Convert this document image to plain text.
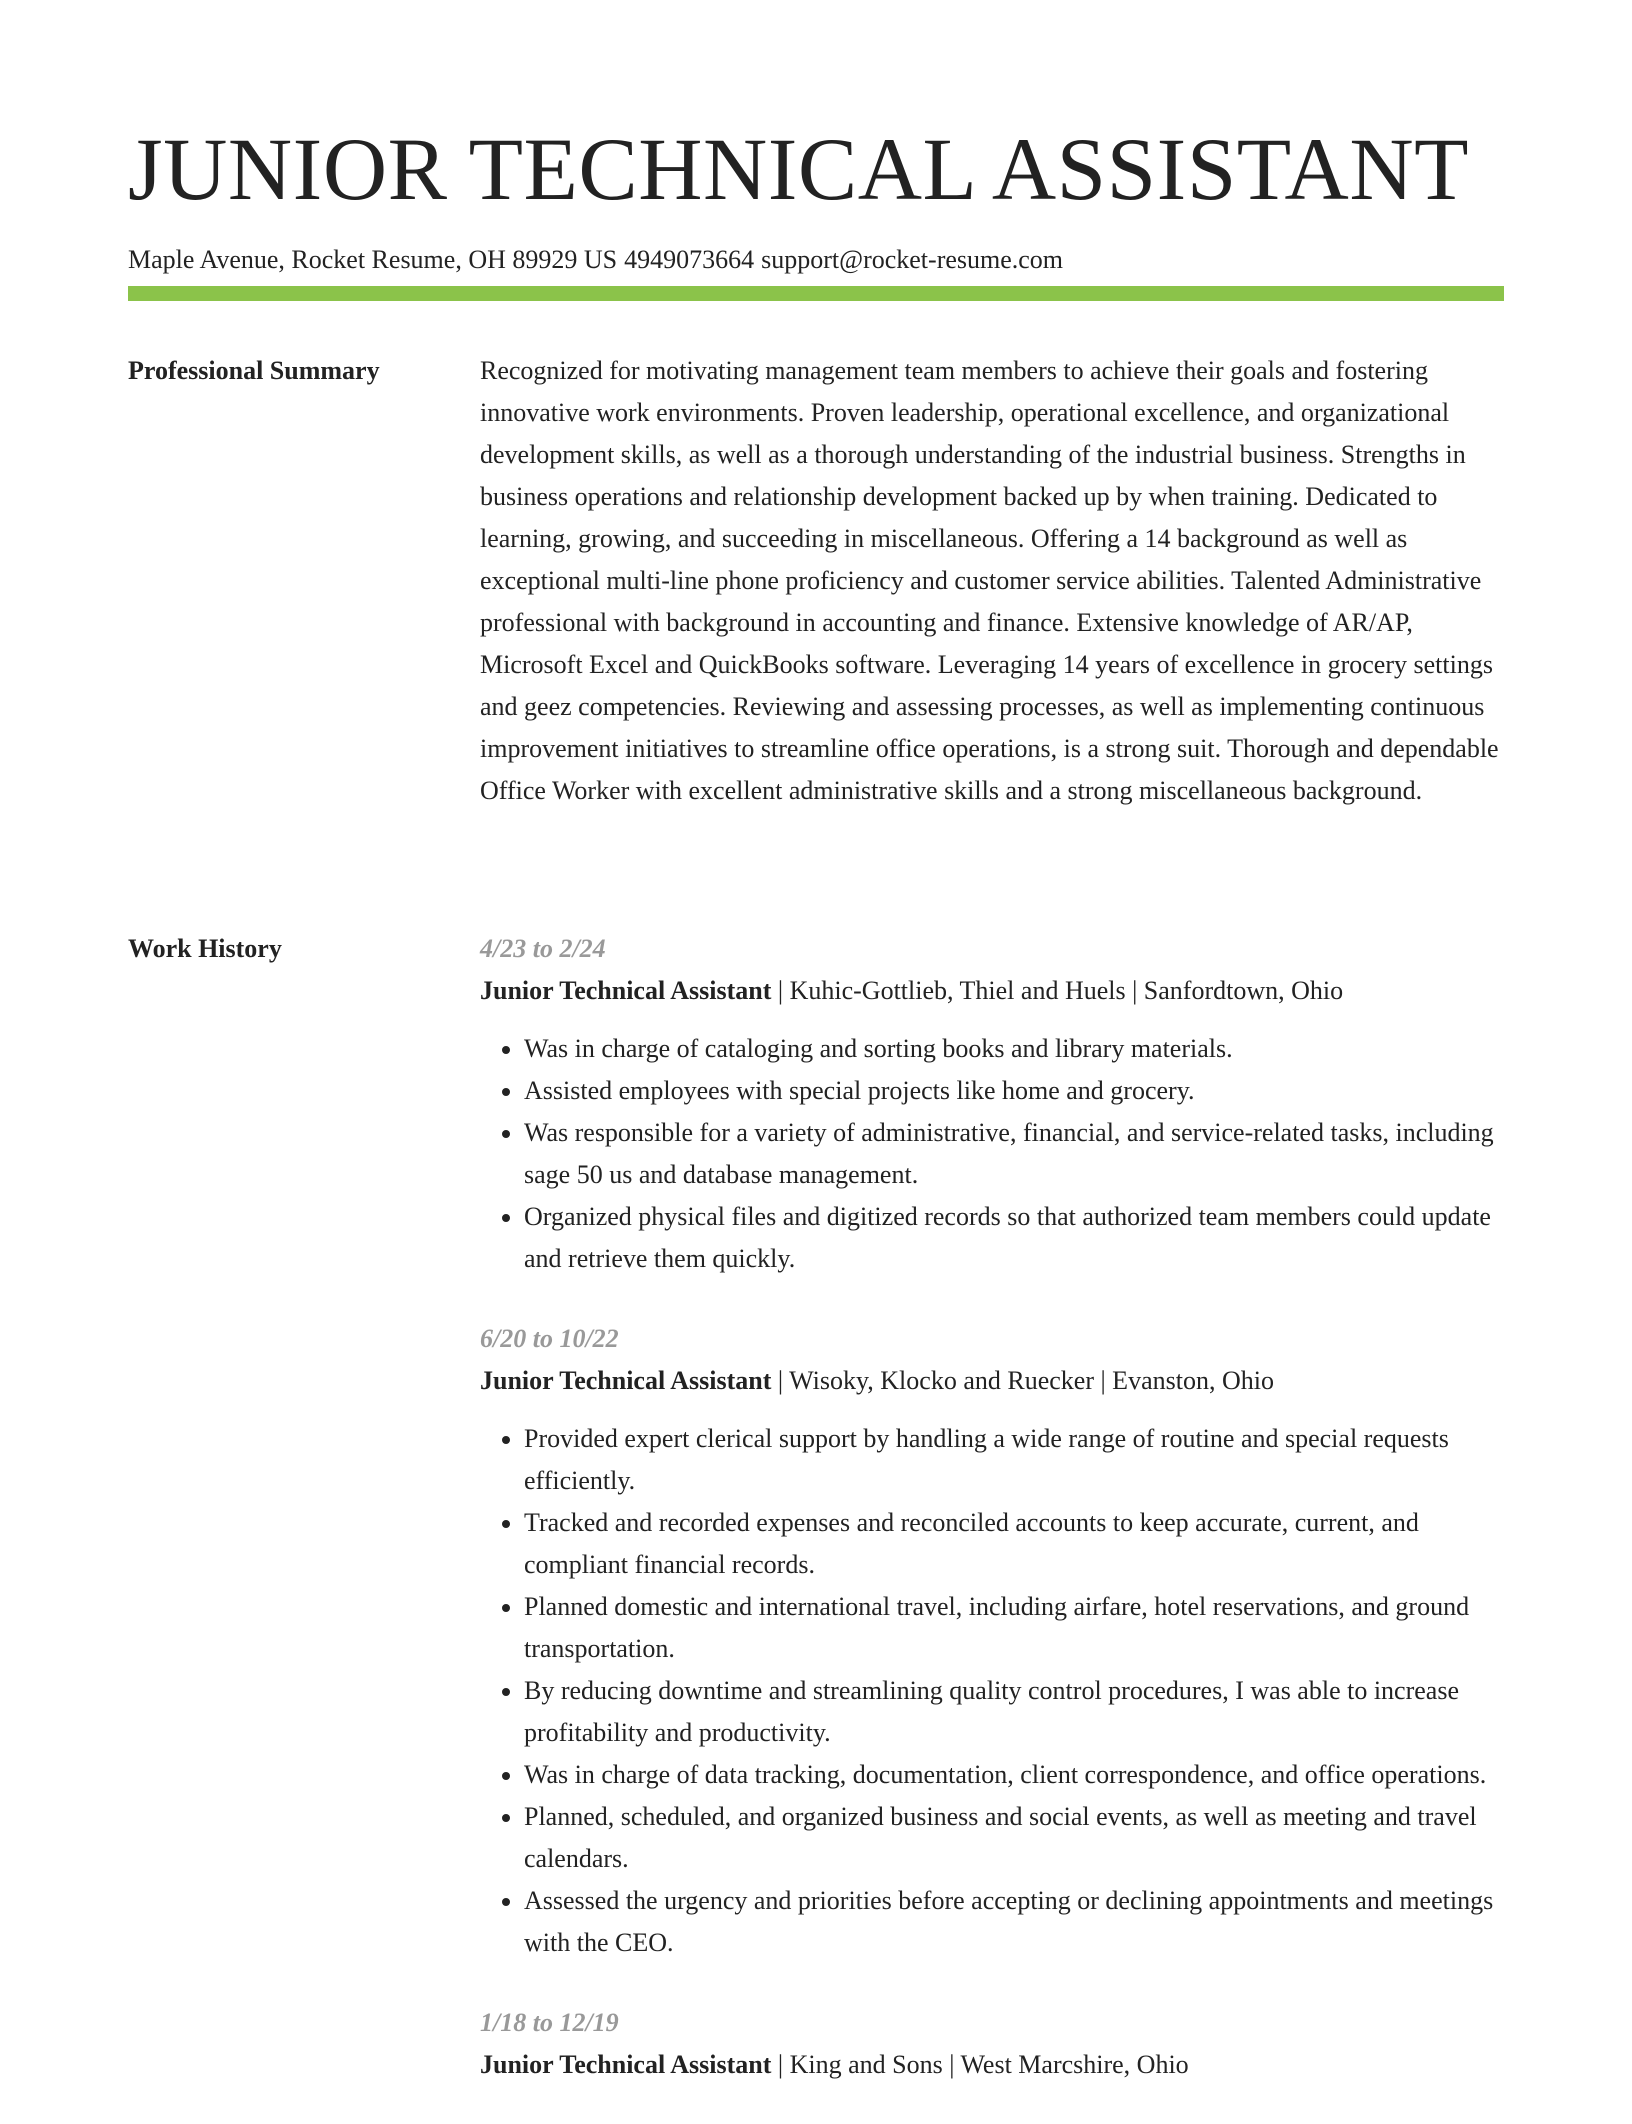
JUNIOR TECHNICAL ASSISTANT
Maple Avenue, Rocket Resume, OH 89929 US 4949073664 support@rocket-resume.com
Professional Summary	Recognized for motivating management team members to achieve their goals and fostering innovative work environments. Proven leadership, operational excellence, and organizational development skills, as well as a thorough understanding of the industrial business. Strengths in business operations and relationship development backed up by when training. Dedicated to learning, growing, and succeeding in miscellaneous. Offering a 14 background as well as exceptional multi-line phone proficiency and customer service abilities. Talented Administrative professional with background in accounting and finance. Extensive knowledge of AR/AP, Microsoft Excel and QuickBooks software. Leveraging 14 years of excellence in grocery settings and geez competencies. Reviewing and assessing processes, as well as implementing continuous improvement initiatives to streamline office operations, is a strong suit. Thorough and dependable Office Worker with excellent administrative skills and a strong miscellaneous background.

Work History	4/23 to 2/24
Junior Technical Assistant | Kuhic-Gottlieb, Thiel and Huels | Sanfordtown, Ohio
• Was in charge of cataloging and sorting books and library materials.
• Assisted employees with special projects like home and grocery.
• Was responsible for a variety of administrative, financial, and service-related tasks, including sage 50 us and database management.
• Organized physical files and digitized records so that authorized team members could update and retrieve them quickly.
6/20 to 10/22
Junior Technical Assistant | Wisoky, Klocko and Ruecker | Evanston, Ohio
• Provided expert clerical support by handling a wide range of routine and special requests efficiently.
• Tracked and recorded expenses and reconciled accounts to keep accurate, current, and compliant financial records.
• Planned domestic and international travel, including airfare, hotel reservations, and ground transportation.
• By reducing downtime and streamlining quality control procedures, I was able to increase profitability and productivity.
• Was in charge of data tracking, documentation, client correspondence, and office operations.
• Planned, scheduled, and organized business and social events, as well as meeting and travel calendars.
• Assessed the urgency and priorities before accepting or declining appointments and meetings with the CEO.
1/18 to 12/19
Junior Technical Assistant | King and Sons | West Marcshire, Ohio
